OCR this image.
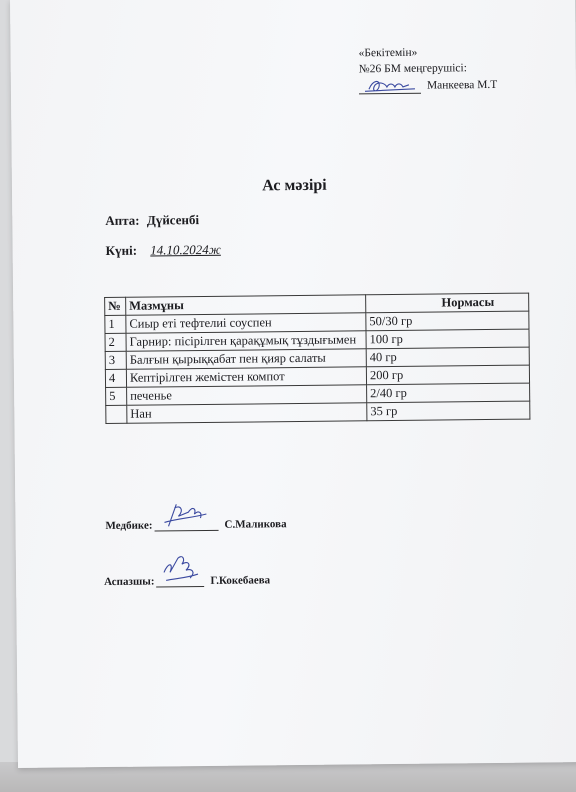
«Бекітемін»
№26 БМ меңгерушісі:
Манкеева М.Т
Ас мәзірі
Апта: Дүйсенбі
Күні: 14.10.2024ж
№	Мазмұны	Нормасы
1	Сиыр еті тефтелиі соуспен	50/30 гр
2	Гарнир: пісірілген қарақұмық тұздығымен	100 гр
3	Балғын қырыққабат пен қияр салаты	40 гр
4	Кептірілген жемістен компот	200 гр
5	печенье	2/40 гр
	Нан	35 гр
Медбике:	С.Маликова
Аспазшы:	Г.Кокебаева
